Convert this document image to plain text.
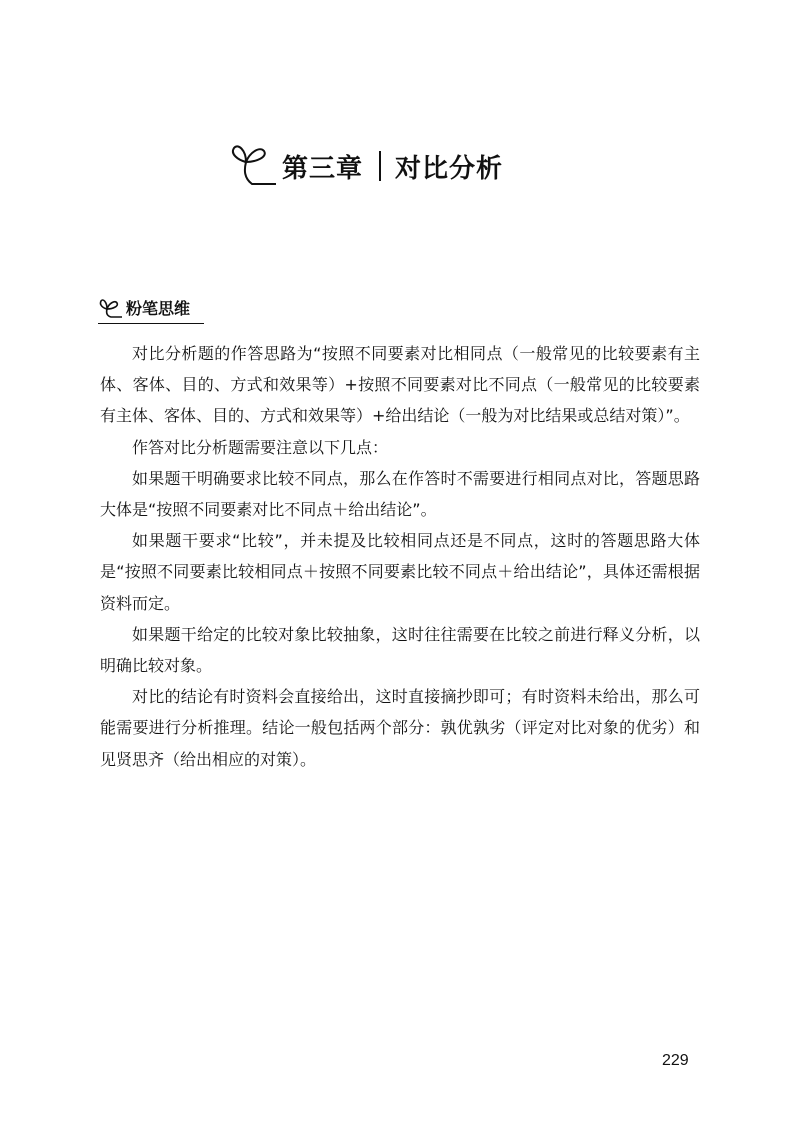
第三章 对比分析
粉笔思维

对比分析题的作答思路为“按照不同要素对比相同点（一般常见的比较要素有主体、客体、目的、方式和效果等）+按照不同要素对比不同点（一般常见的比较要素有主体、客体、目的、方式和效果等）+给出结论（一般为对比结果或总结对策）”。

作答对比分析题需要注意以下几点：

如果题干明确要求比较不同点，那么在作答时不需要进行相同点对比，答题思路大体是“按照不同要素对比不同点＋给出结论”。

如果题干要求“比较”，并未提及比较相同点还是不同点，这时的答题思路大体是“按照不同要素比较相同点＋按照不同要素比较不同点＋给出结论”，具体还需根据资料而定。

如果题干给定的比较对象比较抽象，这时往往需要在比较之前进行释义分析，以明确比较对象。

对比的结论有时资料会直接给出，这时直接摘抄即可；有时资料未给出，那么可能需要进行分析推理。结论一般包括两个部分：孰优孰劣（评定对比对象的优劣）和见贤思齐（给出相应的对策）。

229
